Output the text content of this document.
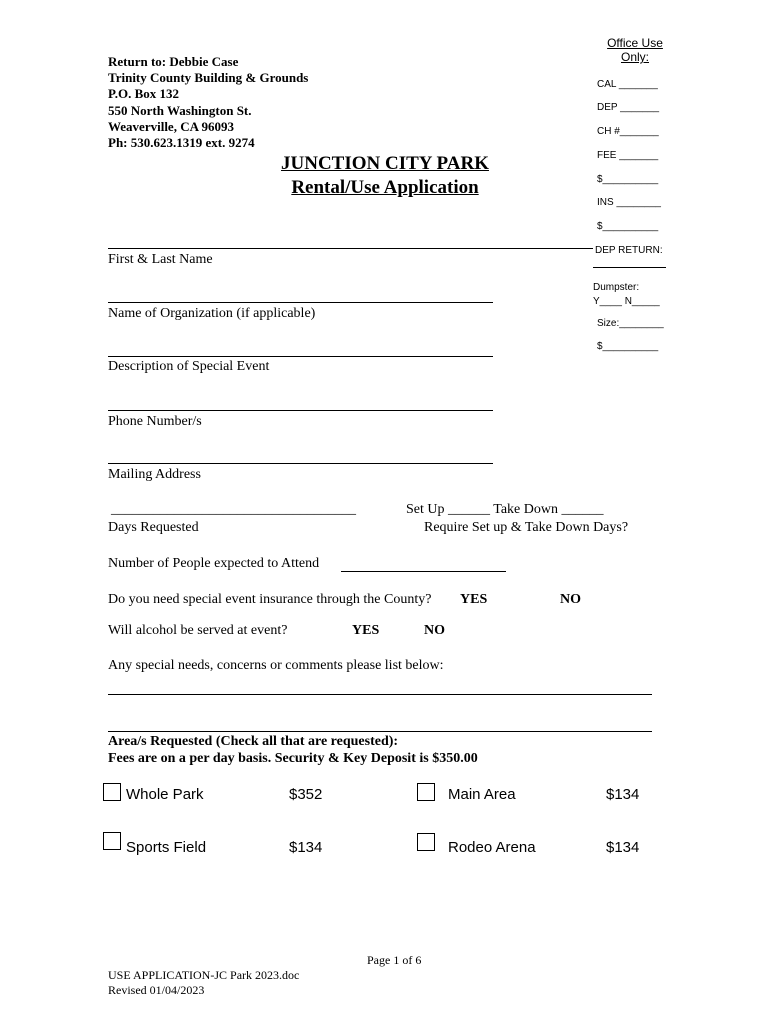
Return to: Debbie Case
Trinity County Building & Grounds
P.O. Box 132
550 North Washington St.
Weaverville, CA 96093
Ph: 530.623.1319 ext. 9274
JUNCTION CITY PARK
Rental/Use Application
Office Use
Only:
CAL _______
DEP _______
CH #_______
FEE _______
$__________
INS ________
$__________
DEP RETURN:
Dumpster:
Y____ N_____
Size:________
$__________
First & Last Name
Name of Organization (if applicable)
Description of Special Event
Phone Number/s
Mailing Address
___________________________________	Set Up ______ Take Down ______
Days Requested	Require Set up & Take Down Days?
Number of People expected to Attend
Do you need special event insurance through the County? YES	NO
Will alcohol be served at event?	YES	NO
Any special needs, concerns or comments please list below:
Area/s Requested (Check all that are requested):
Fees are on a per day basis. Security & Key Deposit is $350.00
Whole Park	$352	Main Area	$134
Sports Field	$134	Rodeo Arena	$134
Page 1 of 6
USE APPLICATION-JC Park 2023.doc
Revised 01/04/2023
